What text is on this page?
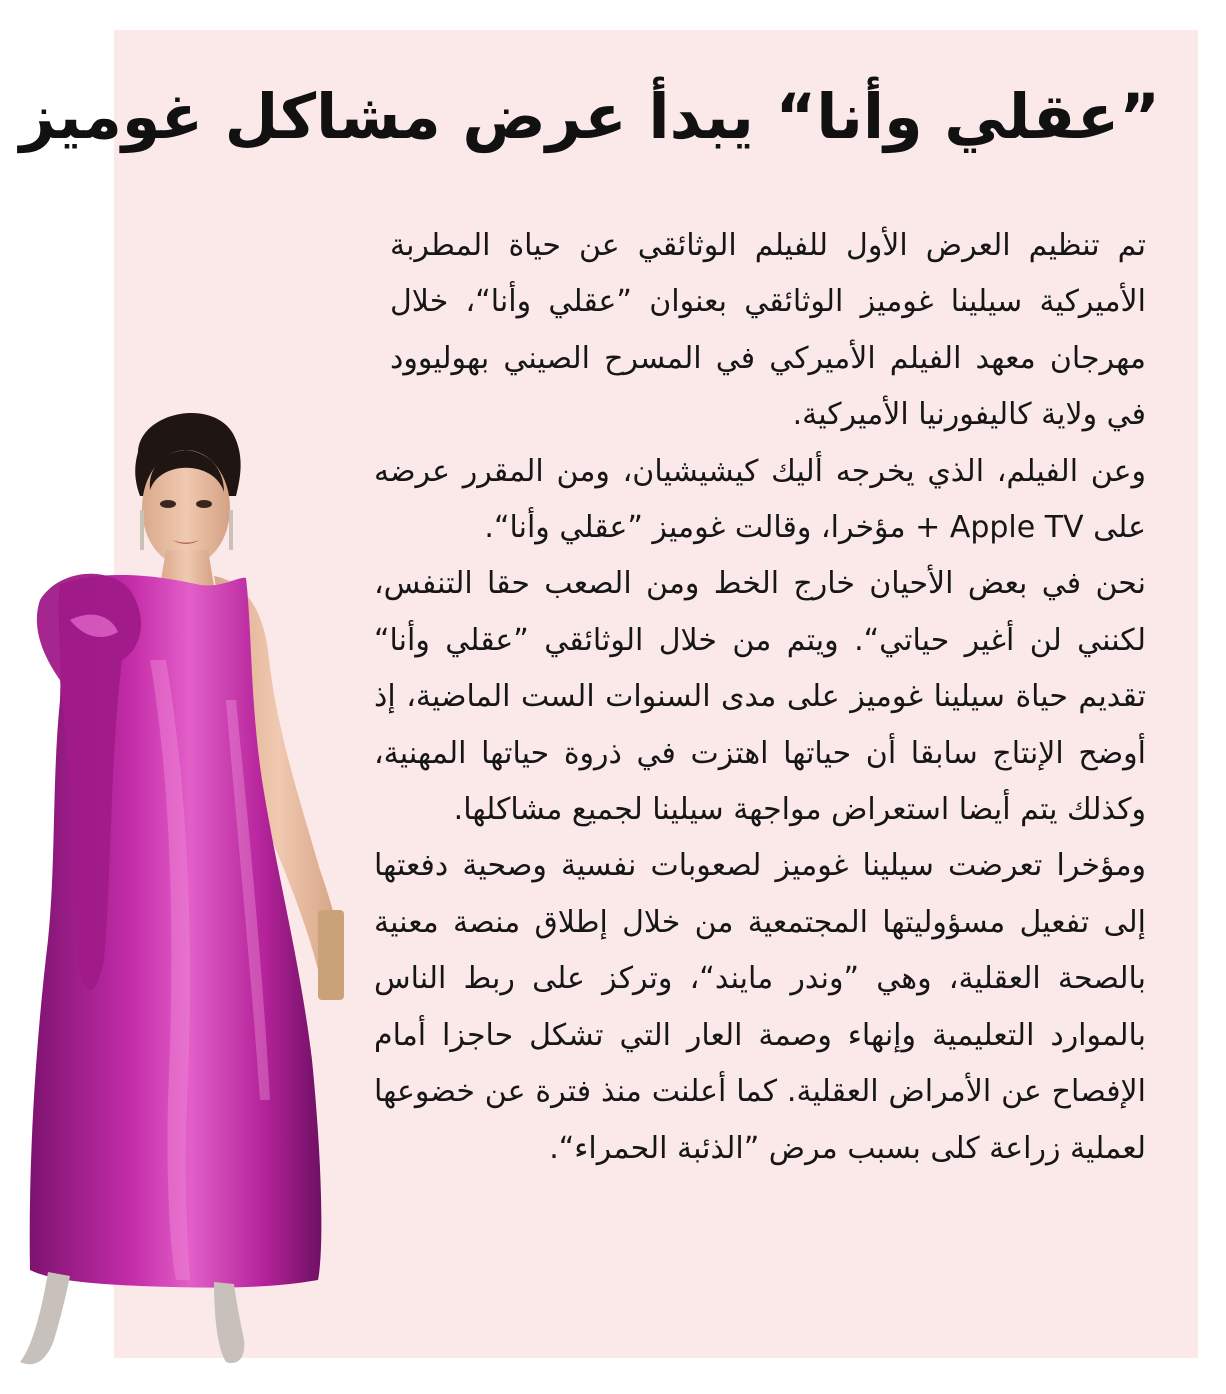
”عقلي وأنا“ يبدأ عرض مشاكل غوميز

تم تنظيم العرض الأول للفيلم الوثائقي عن حياة المطربة الأميركية سيلينا غوميز الوثائقي بعنوان ”عقلي وأنا“، خلال مهرجان معهد الفيلم الأميركي في المسرح الصيني بهوليوود في ولاية كاليفورنيا الأميركية.

وعن الفيلم، الذي يخرجه أليك كيشيشيان، ومن المقرر عرضه على Apple TV + مؤخرا، وقالت غوميز ”عقلي وأنا“.

نحن في بعض الأحيان خارج الخط ومن الصعب حقا التنفس، لكنني لن أغير حياتي“. ويتم من خلال الوثائقي ”عقلي وأنا“ تقديم حياة سيلينا غوميز على مدى السنوات الست الماضية، إذ أوضح الإنتاج سابقا أن حياتها اهتزت في ذروة حياتها المهنية، وكذلك يتم أيضا استعراض مواجهة سيلينا لجميع مشاكلها.

ومؤخرا تعرضت سيلينا غوميز لصعوبات نفسية وصحية دفعتها إلى تفعيل مسؤوليتها المجتمعية من خلال إطلاق منصة معنية بالصحة العقلية، وهي ”وندر مايند“، وتركز على ربط الناس بالموارد التعليمية وإنهاء وصمة العار التي تشكل حاجزا أمام الإفصاح عن الأمراض العقلية. كما أعلنت منذ فترة عن خضوعها لعملية زراعة كلى بسبب مرض ”الذئبة الحمراء“.
